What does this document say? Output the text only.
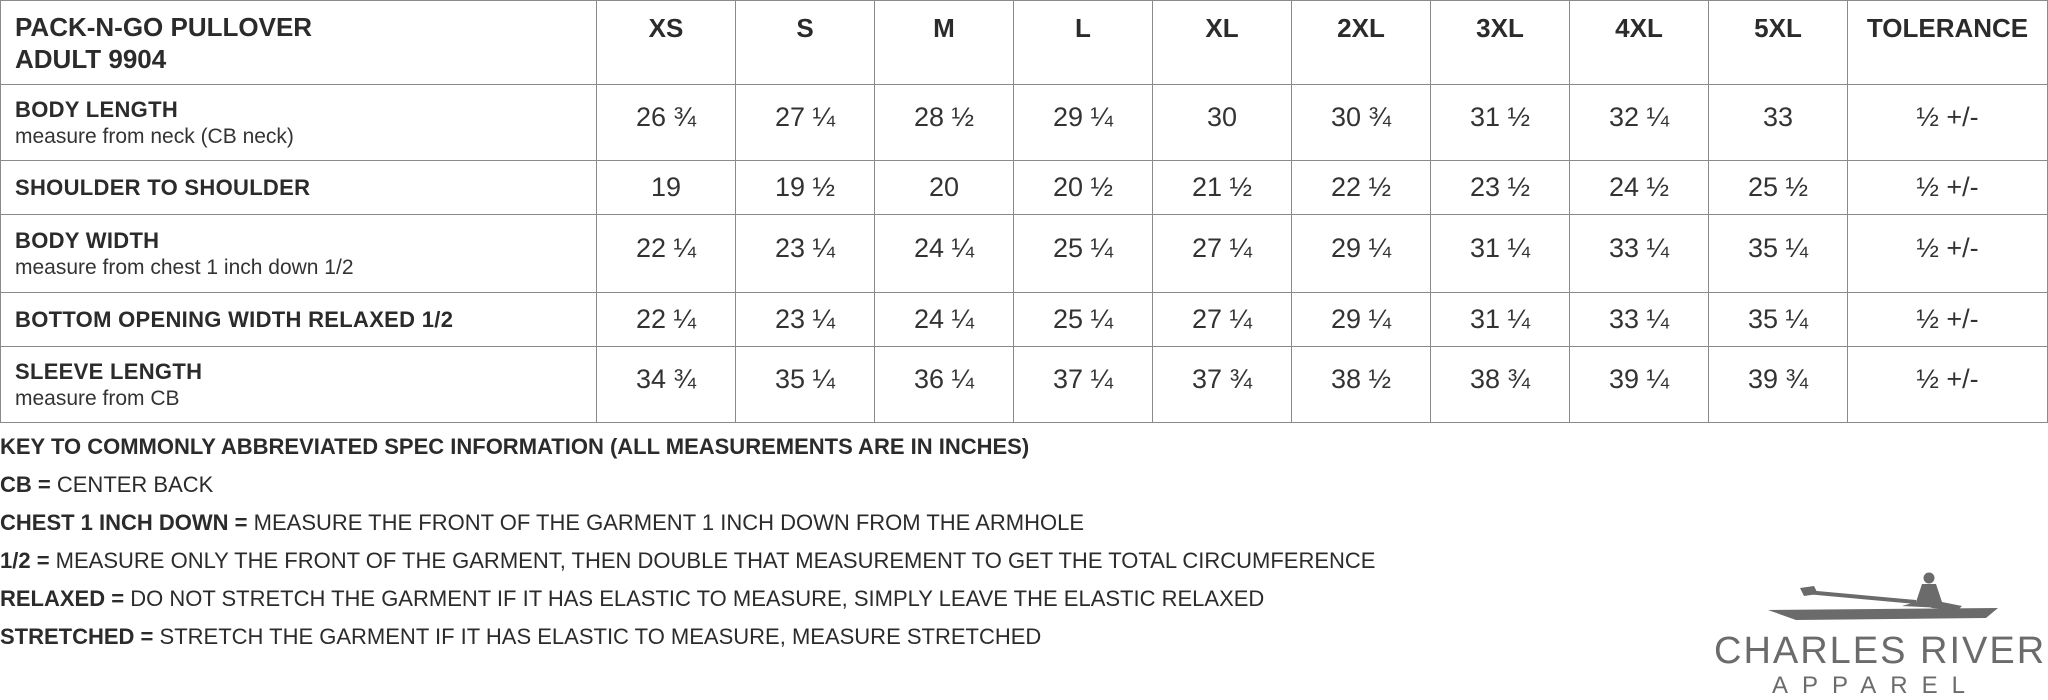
PACK-N-GO PULLOVER
ADULT 9904	XS	S	M	L	XL	2XL	3XL	4XL	5XL	TOLERANCE

BODY LENGTH
measure from neck (CB neck)	26 ¾	27 ¼	28 ½	29 ¼	30	30 ¾	31 ½	32 ¼	33	½ +/-

SHOULDER TO SHOULDER	19	19 ½	20	20 ½	21 ½	22 ½	23 ½	24 ½	25 ½	½ +/-

BODY WIDTH
measure from chest 1 inch down 1/2	22 ¼	23 ¼	24 ¼	25 ¼	27 ¼	29 ¼	31 ¼	33 ¼	35 ¼	½ +/-

BOTTOM OPENING WIDTH RELAXED 1/2	22 ¼	23 ¼	24 ¼	25 ¼	27 ¼	29 ¼	31 ¼	33 ¼	35 ¼	½ +/-

SLEEVE LENGTH
measure from CB	34 ¾	35 ¼	36 ¼	37 ¼	37 ¾	38 ½	38 ¾	39 ¼	39 ¾	½ +/-
KEY TO COMMONLY ABBREVIATED SPEC INFORMATION (ALL MEASUREMENTS ARE IN INCHES)
CB = CENTER BACK
CHEST 1 INCH DOWN = MEASURE THE FRONT OF THE GARMENT 1 INCH DOWN FROM THE ARMHOLE
1/2 = MEASURE ONLY THE FRONT OF THE GARMENT, THEN DOUBLE THAT MEASUREMENT TO GET THE TOTAL CIRCUMFERENCE
RELAXED = DO NOT STRETCH THE GARMENT IF IT HAS ELASTIC TO MEASURE, SIMPLY LEAVE THE ELASTIC RELAXED
STRETCHED = STRETCH THE GARMENT IF IT HAS ELASTIC TO MEASURE, MEASURE STRETCHED	CHARLES RIVER
APPAREL
